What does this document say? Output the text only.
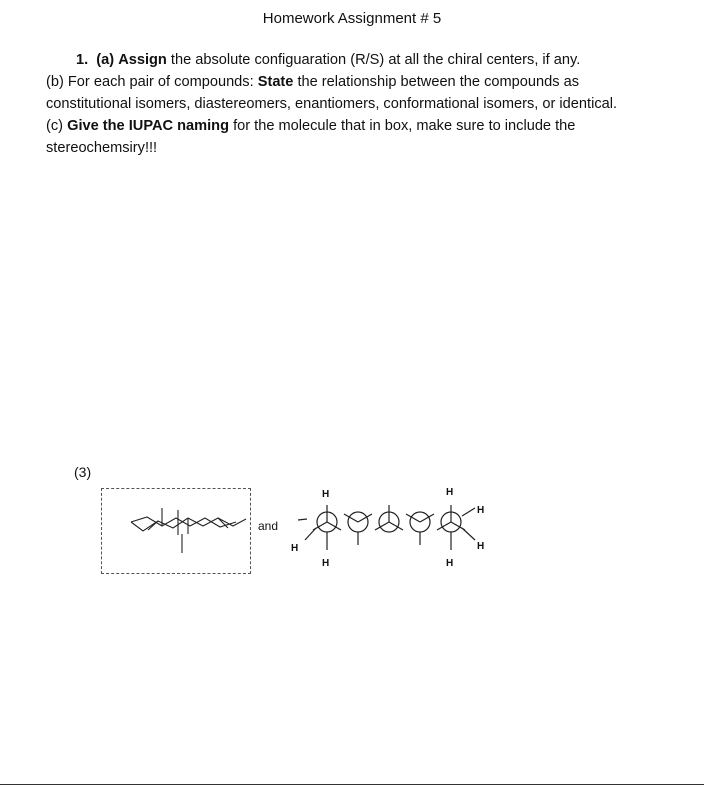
Homework Assignment # 5
1. (a) Assign the absolute configuaration (R/S) at all the chiral centers, if any.
(b) For each pair of compounds: State the relationship between the compounds as
constitutional isomers, diastereomers, enantiomers, conformational isomers, or identical.
(c) Give the IUPAC naming for the molecule that in box, make sure to include the
stereochemsiry!!!
(3)
and
H	H
H
H	H
H	H
